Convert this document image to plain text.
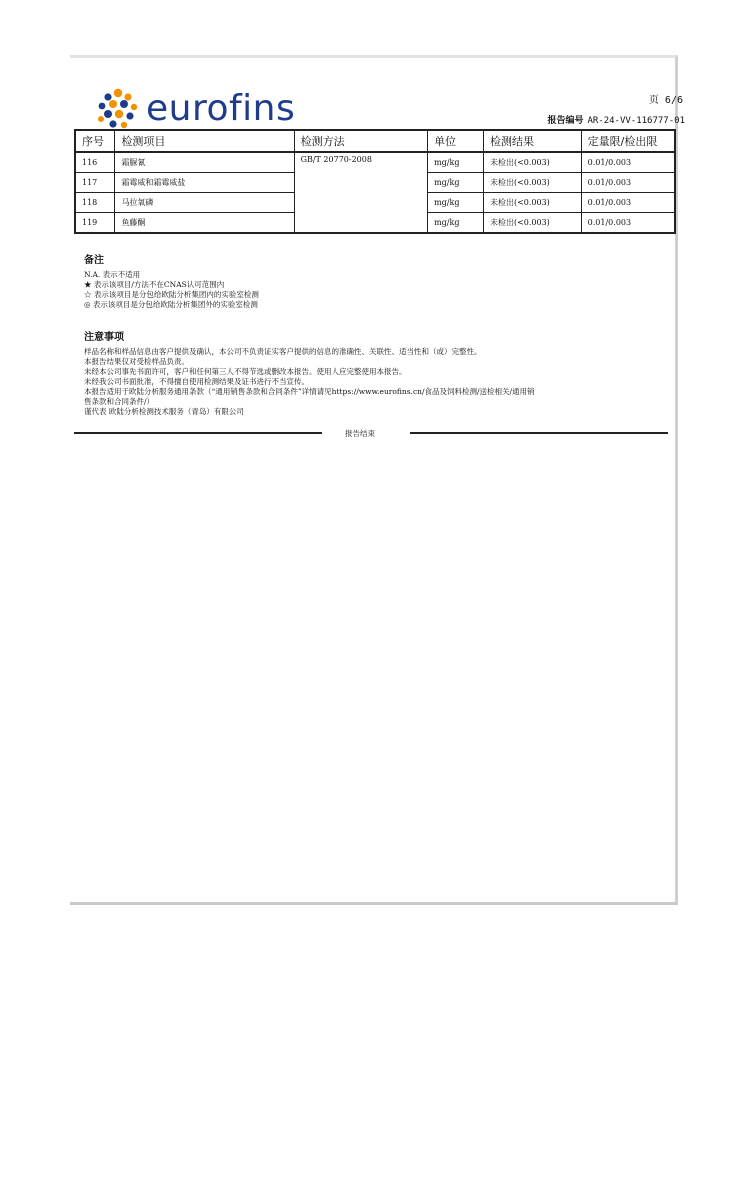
eurofins	页 6/6
报告编号 AR-24-VV-116777-01
序号	检测项目	检测方法	单位	检测结果	定量限/检出限
116	霜脲氰	GB/T 20770-2008	mg/kg	未检出(<0.003)	0.01/0.003
117	霜霉威和霜霉威盐		mg/kg	未检出(<0.003)	0.01/0.003
118	马拉氧磷		mg/kg	未检出(<0.003)	0.01/0.003
119	鱼藤酮		mg/kg	未检出(<0.003)	0.01/0.003
备注
N.A. 表示不适用
★ 表示该项目/方法不在CNAS认可范围内
☆ 表示该项目是分包给欧陆分析集团内的实验室检测
◎ 表示该项目是分包给欧陆分析集团外的实验室检测
注意事项
样品名称和样品信息由客户提供及确认，本公司不负责证实客户提供的信息的准确性、关联性、适当性和（或）完整性。
本报告结果仅对受检样品负责。
未经本公司事先书面许可，客户和任何第三人不得节选或删改本报告。使用人应完整使用本报告。
未经我公司书面批准，不得擅自使用检测结果及证书进行不当宣传。
本报告适用于欧陆分析服务通用条款（“通用销售条款和合同条件”详情请见https://www.eurofins.cn/食品及饲料检测/送检相关/通用销
售条款和合同条件/）
谨代表 欧陆分析检测技术服务（青岛）有限公司
报告结束
